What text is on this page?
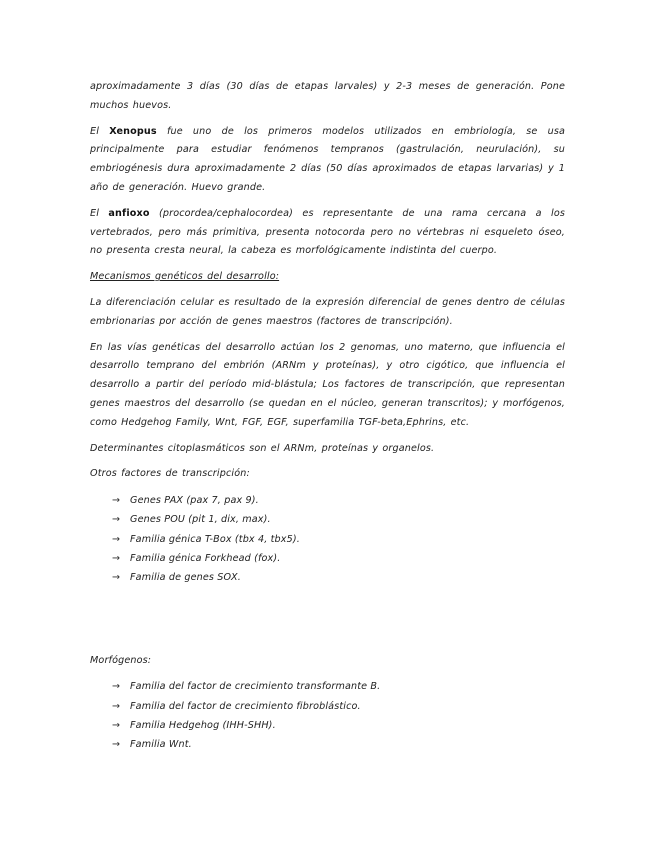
aproximadamente 3 días (30 días de etapas larvales) y 2-3 meses de generación. Pone muchos huevos.

El Xenopus fue uno de los primeros modelos utilizados en embriología, se usa principalmente para estudiar fenómenos tempranos (gastrulación, neurulación), su embriogénesis dura aproximadamente 2 días (50 días aproximados de etapas larvarias) y 1 año de generación. Huevo grande.

El anfioxo (procordea/cephalocordea) es representante de una rama cercana a los vertebrados, pero más primitiva, presenta notocorda pero no vértebras ni esqueleto óseo, no presenta cresta neural, la cabeza es morfológicamente indistinta del cuerpo.

Mecanismos genéticos del desarrollo:

La diferenciación celular es resultado de la expresión diferencial de genes dentro de células embrionarias por acción de genes maestros (factores de transcripción).

En las vías genéticas del desarrollo actúan los 2 genomas, uno materno, que influencia el desarrollo temprano del embrión (ARNm y proteínas), y otro cigótico, que influencia el desarrollo a partir del período mid-blástula; Los factores de transcripción, que representan genes maestros del desarrollo (se quedan en el núcleo, generan transcritos); y morfógenos, como Hedgehog Family, Wnt, FGF, EGF, superfamilia TGF-beta,Ephrins, etc.

Determinantes citoplasmáticos son el ARNm, proteínas y organelos.

Otros factores de transcripción:

→ Genes PAX (pax 7, pax 9).
→ Genes POU (pit 1, dix, max).
→ Familia génica T-Box (tbx 4, tbx5).
→ Familia génica Forkhead (fox).
→ Familia de genes SOX.

Morfógenos:

→ Familia del factor de crecimiento transformante B.
→ Familia del factor de crecimiento fibroblástico.
→ Familia Hedgehog (IHH-SHH).
→ Familia Wnt.
